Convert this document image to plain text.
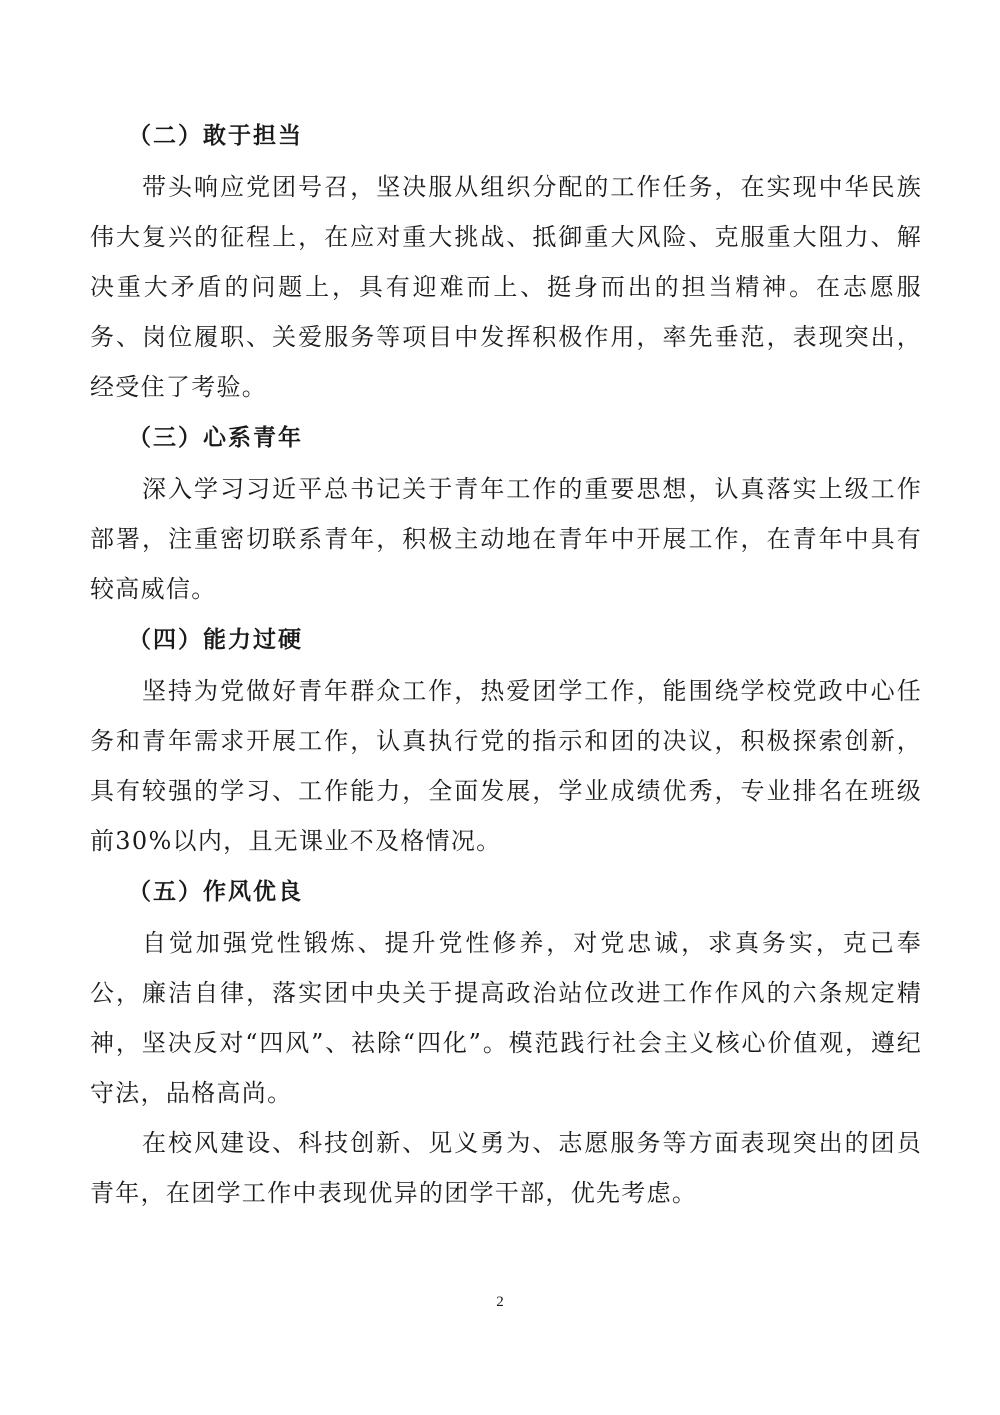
（二）敢于担当

带头响应党团号召，坚决服从组织分配的工作任务，在实现中华民族伟大复兴的征程上，在应对重大挑战、抵御重大风险、克服重大阻力、解决重大矛盾的问题上，具有迎难而上、挺身而出的担当精神。在志愿服务、岗位履职、关爱服务等项目中发挥积极作用，率先垂范，表现突出，经受住了考验。

（三）心系青年

深入学习习近平总书记关于青年工作的重要思想，认真落实上级工作部署，注重密切联系青年，积极主动地在青年中开展工作，在青年中具有较高威信。

（四）能力过硬

坚持为党做好青年群众工作，热爱团学工作，能围绕学校党政中心任务和青年需求开展工作，认真执行党的指示和团的决议，积极探索创新，具有较强的学习、工作能力，全面发展，学业成绩优秀，专业排名在班级前30%以内，且无课业不及格情况。

（五）作风优良

自觉加强党性锻炼、提升党性修养，对党忠诚，求真务实，克己奉公，廉洁自律，落实团中央关于提高政治站位改进工作作风的六条规定精神，坚决反对“四风”、祛除“四化”。模范践行社会主义核心价值观，遵纪守法，品格高尚。

在校风建设、科技创新、见义勇为、志愿服务等方面表现突出的团员青年，在团学工作中表现优异的团学干部，优先考虑。

2
